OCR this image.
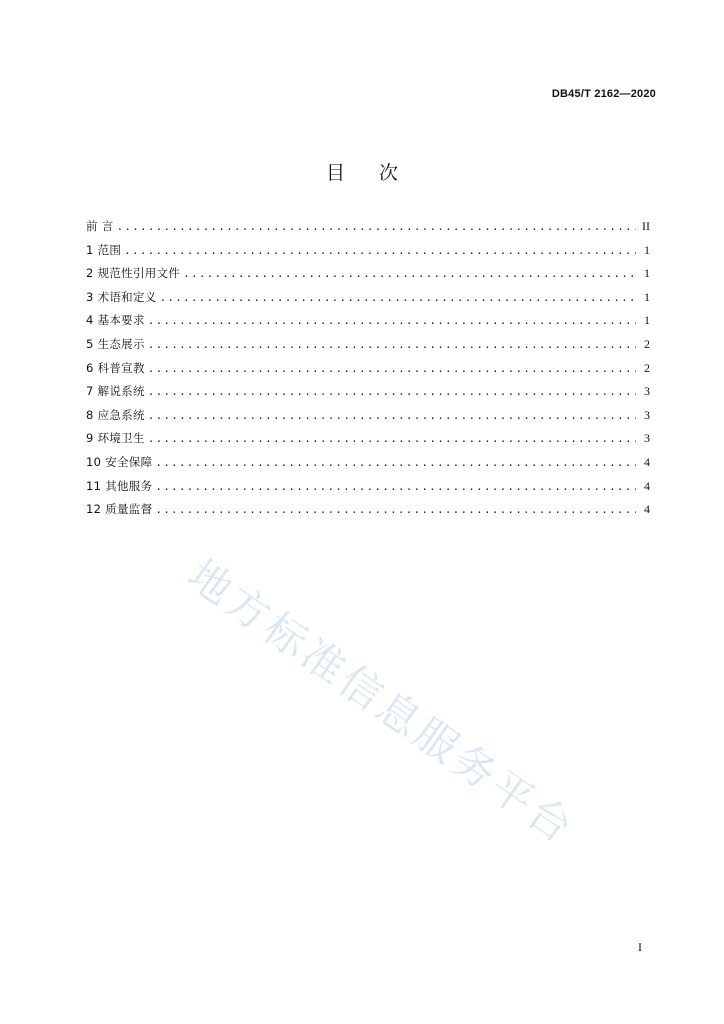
DB45/T 2162—2020
目次
前 言 .....	II
1 范围 .....	1
2 规范性引用文件 .....	1
3 术语和定义 .....	1
4 基本要求 .....	1
5 生态展示 .....	2
6 科普宣教 .....	2
7 解说系统 .....	3
8 应急系统 .....	3
9 环境卫生 .....	3
10 安全保障 .....	4
11 其他服务 .....	4
12 质量监督 .....	4
地方标准信息服务平台
I
